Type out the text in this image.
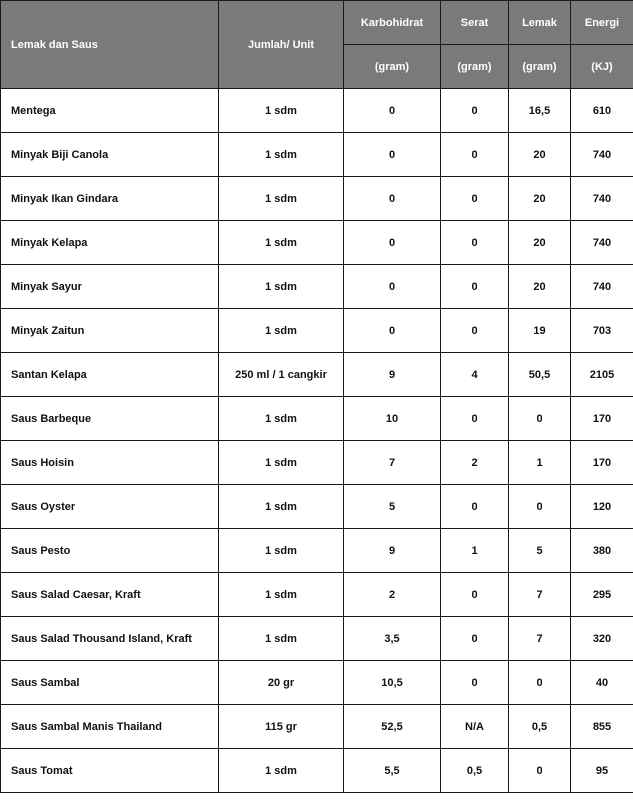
Lemak dan Saus	Jumlah/ Unit	Karbohidrat	Serat	Lemak	Energi
		(gram)	(gram)	(gram)	(KJ)
Mentega	1 sdm	0	0	16,5	610
Minyak Biji Canola	1 sdm	0	0	20	740
Minyak Ikan Gindara	1 sdm	0	0	20	740
Minyak Kelapa	1 sdm	0	0	20	740
Minyak Sayur	1 sdm	0	0	20	740
Minyak Zaitun	1 sdm	0	0	19	703
Santan Kelapa	250 ml / 1 cangkir	9	4	50,5	2105
Saus Barbeque	1 sdm	10	0	0	170
Saus Hoisin	1 sdm	7	2	1	170
Saus Oyster	1 sdm	5	0	0	120
Saus Pesto	1 sdm	9	1	5	380
Saus Salad Caesar, Kraft	1 sdm	2	0	7	295
Saus Salad Thousand Island, Kraft	1 sdm	3,5	0	7	320
Saus Sambal	20 gr	10,5	0	0	40
Saus Sambal Manis Thailand	115 gr	52,5	N/A	0,5	855
Saus Tomat	1 sdm	5,5	0,5	0	95
